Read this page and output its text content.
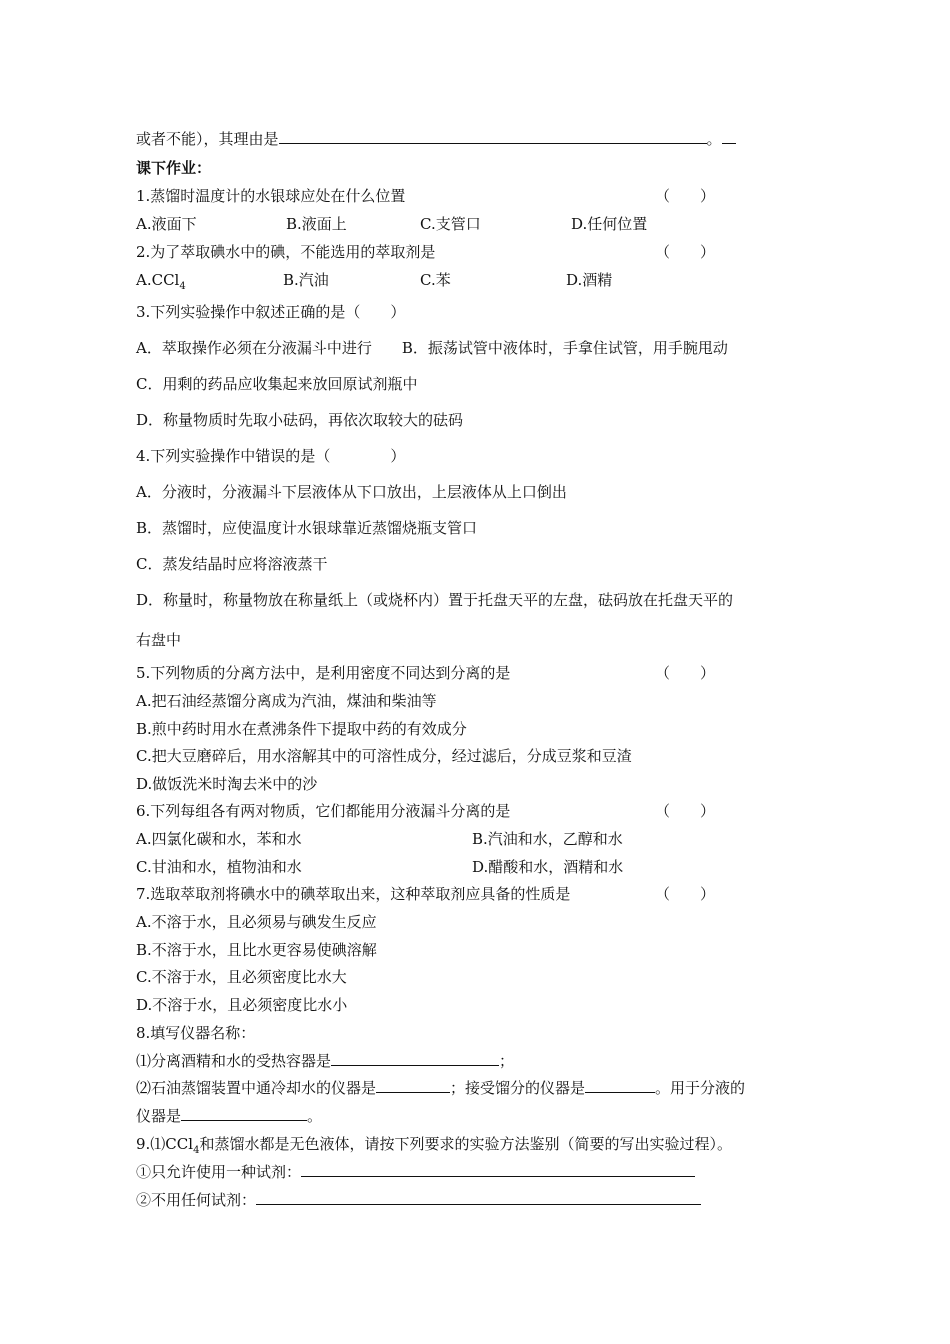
或者不能），其理由是	。
课下作业：
1.蒸馏时温度计的水银球应处在什么位置	（　　）
A.液面下	B.液面上	C.支管口	D.任何位置
2.为了萃取碘水中的碘，不能选用的萃取剂是	（　　）
A.CCl$_4$	B.汽油	C.苯	D.酒精
3.下列实验操作中叙述正确的是（　　）
A．萃取操作必须在分液漏斗中进行　　B．振荡试管中液体时，手拿住试管，用手腕甩动
C．用剩的药品应收集起来放回原试剂瓶中
D．称量物质时先取小砝码，再依次取较大的砝码
4.下列实验操作中错误的是（　　　　）
A．分液时，分液漏斗下层液体从下口放出，上层液体从上口倒出
B．蒸馏时，应使温度计水银球靠近蒸馏烧瓶支管口
C．蒸发结晶时应将溶液蒸干
D．称量时，称量物放在称量纸上（或烧杯内）置于托盘天平的左盘，砝码放在托盘天平的
右盘中
5.下列物质的分离方法中，是利用密度不同达到分离的是	（　　）
A.把石油经蒸馏分离成为汽油，煤油和柴油等
B.煎中药时用水在煮沸条件下提取中药的有效成分
C.把大豆磨碎后，用水溶解其中的可溶性成分，经过滤后，分成豆浆和豆渣
D.做饭洗米时淘去米中的沙
6.下列每组各有两对物质，它们都能用分液漏斗分离的是	（　　）
A.四氯化碳和水，苯和水	B.汽油和水，乙醇和水
C.甘油和水，植物油和水	D.醋酸和水，酒精和水
7.选取萃取剂将碘水中的碘萃取出来，这种萃取剂应具备的性质是	（　　）
A.不溶于水，且必须易与碘发生反应
B.不溶于水，且比水更容易使碘溶解
C.不溶于水，且必须密度比水大
D.不溶于水，且必须密度比水小
8.填写仪器名称：
⑴分离酒精和水的受热容器是	；
⑵石油蒸馏装置中通冷却水的仪器是	；接受馏分的仪器是	。用于分液的
仪器是	。
9.⑴CCl$_4$和蒸馏水都是无色液体，请按下列要求的实验方法鉴别（简要的写出实验过程）。
①只允许使用一种试剂：
②不用任何试剂：
